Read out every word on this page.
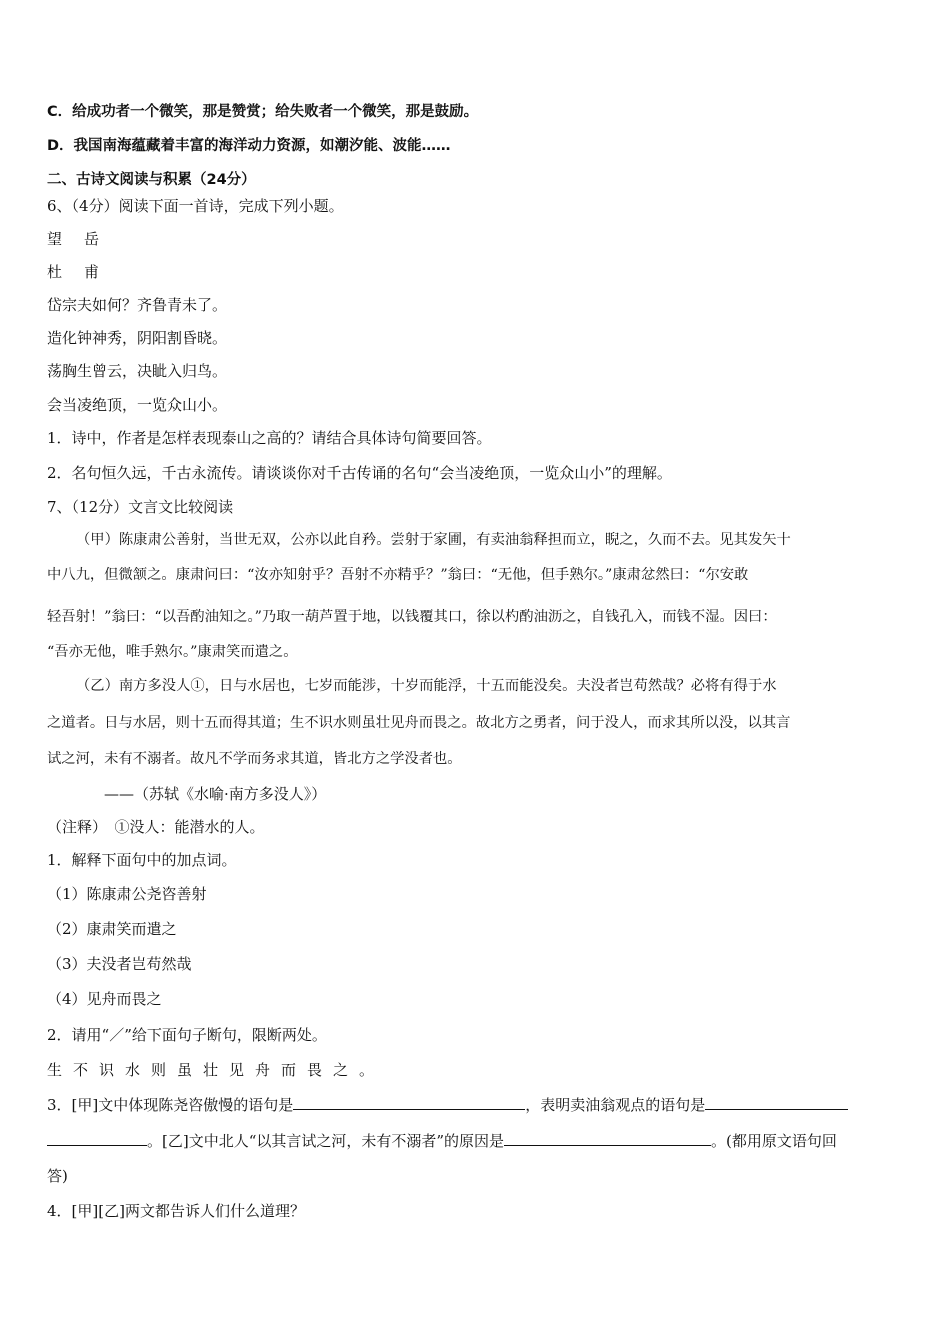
C．给成功者一个微笑，那是赞赏；给失败者一个微笑，那是鼓励。
D．我国南海蕴藏着丰富的海洋动力资源，如潮汐能、波能……
二、古诗文阅读与积累（24分）
6、（4分）阅读下面一首诗，完成下列小题。
望岳
杜甫
岱宗夫如何？齐鲁青未了。
造化钟神秀，阴阳割昏晓。
荡胸生曾云，决眦入归鸟。
会当凌绝顶，一览众山小。
1．诗中，作者是怎样表现泰山之高的？请结合具体诗句简要回答。
2．名句恒久远，千古永流传。请谈谈你对千古传诵的名句“会当凌绝顶，一览众山小”的理解。
7、（12分）文言文比较阅读
（甲）陈康肃公善射，当世无双，公亦以此自矜。尝射于家圃，有卖油翁释担而立，睨之，久而不去。见其发矢十
中八九，但微颔之。康肃问曰：“汝亦知射乎？吾射不亦精乎？”翁曰：“无他，但手熟尔。”康肃忿然曰：“尔安敢
轻吾射！”翁曰：“以吾酌油知之。”乃取一葫芦置于地，以钱覆其口，徐以杓酌油沥之，自钱孔入，而钱不湿。因曰：
“吾亦无他，唯手熟尔。”康肃笑而遣之。
（乙）南方多没人①，日与水居也，七岁而能涉，十岁而能浮，十五而能没矣。夫没者岂苟然哉？必将有得于水
之道者。日与水居，则十五而得其道；生不识水则虽壮见舟而畏之。故北方之勇者，问于没人，而求其所以没，以其言
试之河，未有不溺者。故凡不学而务求其道，皆北方之学没者也。
——（苏轼《水喻·南方多没人》）
（注释）　①没人：能潜水的人。
1．解释下面句中的加点词。
（1）陈康肃公尧咨善射
（2）康肃笑而遣之
（3）夫没者岂苟然哉
（4）见舟而畏之
2．请用“／”给下面句子断句，限断两处。
生不识水则虽壮见舟而畏之。
3．[甲]文中体现陈尧咨傲慢的语句是	，表明卖油翁观点的语句是
。[乙]文中北人“以其言试之河，未有不溺者”的原因是	。(都用原文语句回
答)
4．[甲][乙]两文都告诉人们什么道理？
